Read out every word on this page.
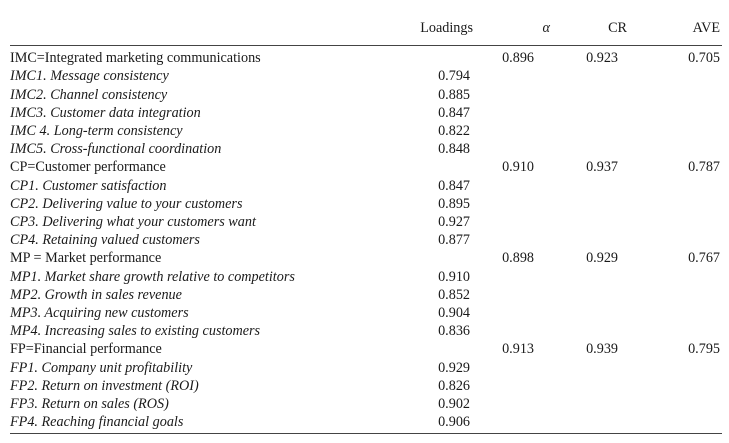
	Loadings	α	CR	AVE
IMC=Integrated marketing communications		0.896	0.923	0.705
IMC1. Message consistency	0.794			
IMC2. Channel consistency	0.885			
IMC3. Customer data integration	0.847			
IMC 4. Long-term consistency	0.822			
IMC5. Cross-functional coordination	0.848			
CP=Customer performance		0.910	0.937	0.787
CP1. Customer satisfaction	0.847			
CP2. Delivering value to your customers	0.895			
CP3. Delivering what your customers want	0.927			
CP4. Retaining valued customers	0.877			
MP = Market performance		0.898	0.929	0.767
MP1. Market share growth relative to competitors	0.910			
MP2. Growth in sales revenue	0.852			
MP3. Acquiring new customers	0.904			
MP4. Increasing sales to existing customers	0.836			
FP=Financial performance		0.913	0.939	0.795
FP1. Company unit profitability	0.929			
FP2. Return on investment (ROI)	0.826			
FP3. Return on sales (ROS)	0.902			
FP4. Reaching financial goals	0.906			
